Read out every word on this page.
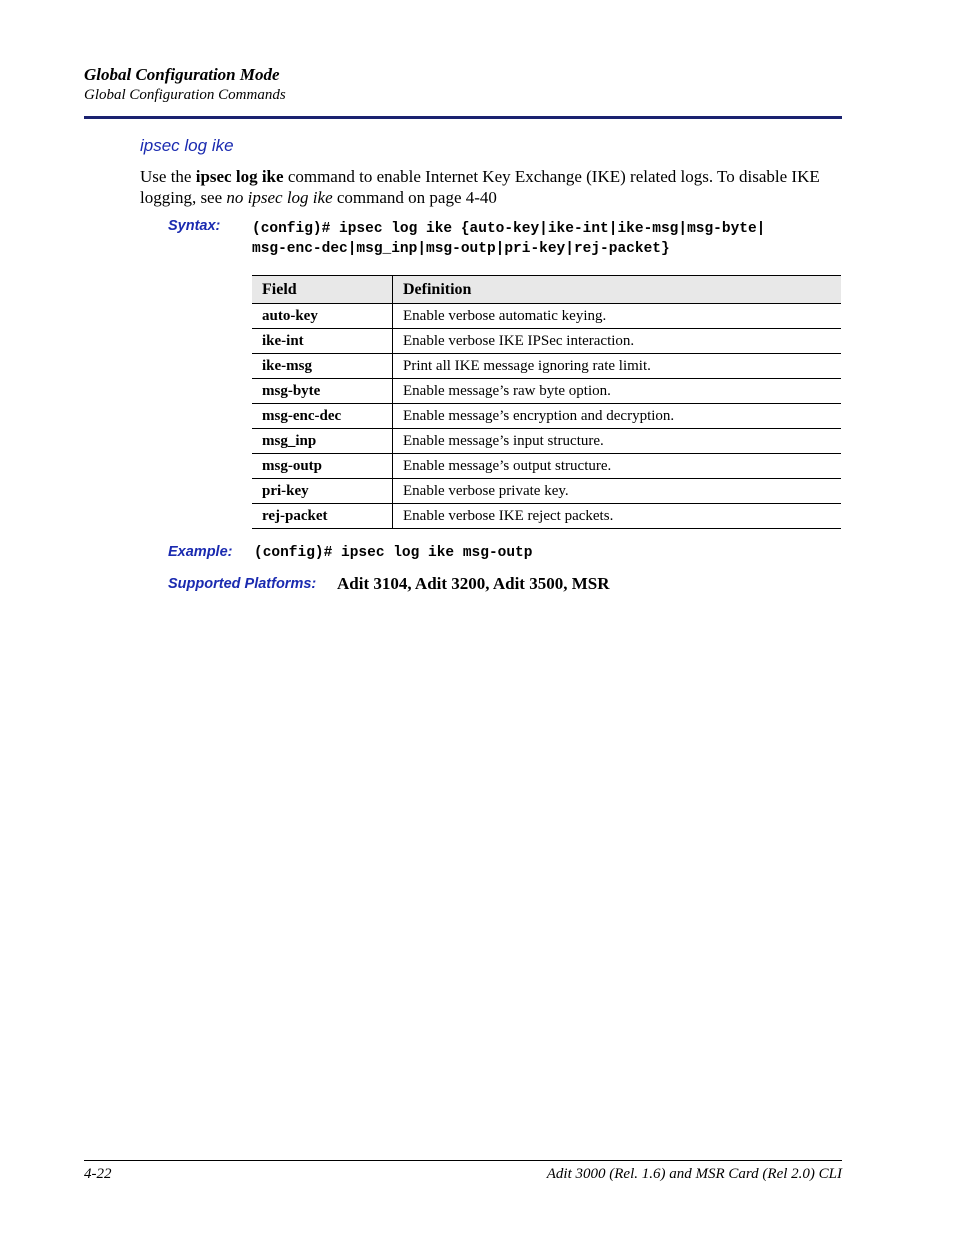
Global Configuration Mode
Global Configuration Commands
ipsec log ike
Use the ipsec log ike command to enable Internet Key Exchange (IKE) related logs. To disable IKE logging, see no ipsec log ike command on page 4-40
Syntax: (config)# ipsec log ike {auto-key|ike-int|ike-msg|msg-byte|
msg-enc-dec|msg_inp|msg-outp|pri-key|rej-packet}
Field	Definition
auto-key	Enable verbose automatic keying.
ike-int	Enable verbose IKE IPSec interaction.
ike-msg	Print all IKE message ignoring rate limit.
msg-byte	Enable message’s raw byte option.
msg-enc-dec	Enable message’s encryption and decryption.
msg_inp	Enable message’s input structure.
msg-outp	Enable message’s output structure.
pri-key	Enable verbose private key.
rej-packet	Enable verbose IKE reject packets.
Example: (config)# ipsec log ike msg-outp
Supported Platforms: Adit 3104, Adit 3200, Adit 3500, MSR
4-22	Adit 3000 (Rel. 1.6) and MSR Card (Rel 2.0) CLI
